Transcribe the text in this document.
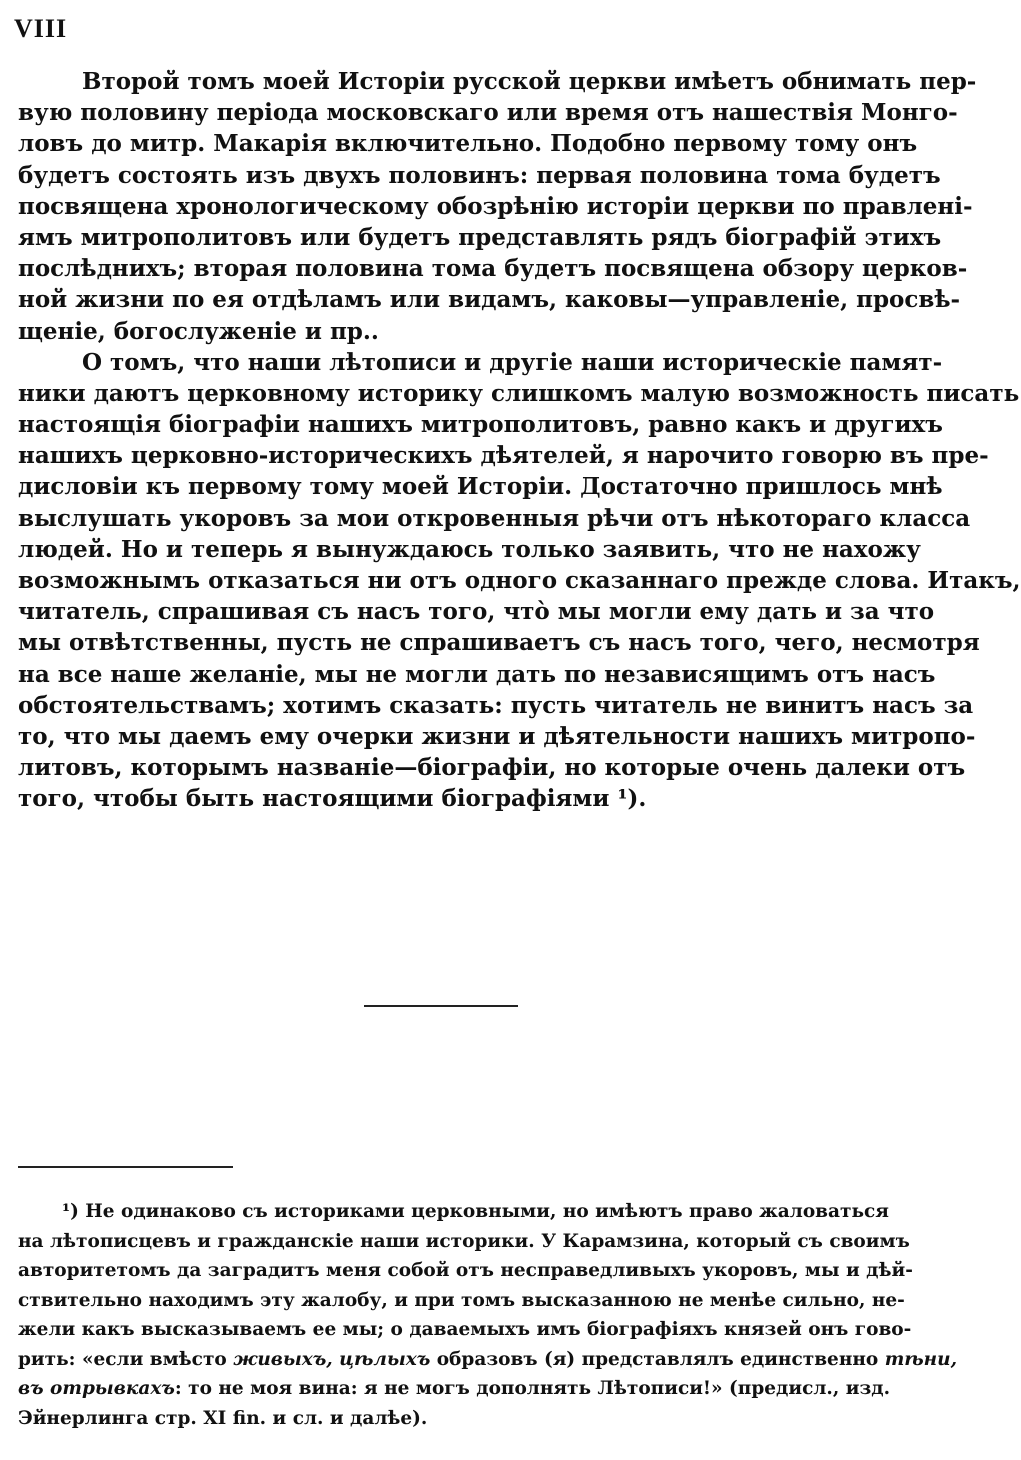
VIII
Второй томъ моей Исторіи русской церкви имѣетъ обнимать пер-
вую половину періода московскаго или время отъ нашествія Монго-
ловъ до митр. Макарія включительно. Подобно первому тому онъ
будетъ состоять изъ двухъ половинъ: первая половина тома будетъ
посвящена хронологическому обозрѣнію исторіи церкви по правленi-
ямъ митрополитовъ или будетъ представлять рядъ біографій этихъ
послѣднихъ; вторая половина тома будетъ посвящена обзору церков-
ной жизни по ея отдѣламъ или видамъ, каковы—управленіе, просвѣ-
щеніе, богослуженіе и пр..
О томъ, что наши лѣтописи и другіе наши историческіе памят-
ники даютъ церковному историку слишкомъ малую возможность писать
настоящія біографіи нашихъ митрополитовъ, равно какъ и другихъ
нашихъ церковно-историческихъ дѣятелей, я нарочито говорю въ пре-
дисловіи къ первому тому моей Исторіи. Достаточно пришлось мнѣ
выслушать укоровъ за мои откровенныя рѣчи отъ нѣкотораго класса
людей. Но и теперь я вынуждаюсь только заявить, что не нахожу
возможнымъ отказаться ни отъ одного сказаннаго прежде слова. Итакъ,
читатель, спрашивая съ насъ того, что̀ мы могли ему дать и за что
мы отвѣтственны, пусть не спрашиваетъ съ насъ того, чего, несмотря
на все наше желаніе, мы не могли дать по независящимъ отъ насъ
обстоятельствамъ; хотимъ сказать: пусть читатель не винитъ насъ за
то, что мы даемъ ему очерки жизни и дѣятельности нашихъ митропо-
литовъ, которымъ названіе—біографіи, но которые очень далеки отъ
того, чтобы быть настоящими біографіями ¹).
¹) Не одинаково съ историками церковными, но имѣютъ право жаловаться
на лѣтописцевъ и гражданскіе наши историки. У Карамзина, который съ своимъ
авторитетомъ да заградитъ меня собой отъ несправедливыхъ укоровъ, мы и дѣй-
ствительно находимъ эту жалобу, и при томъ высказанною не менѣе сильно, не-
жели какъ высказываемъ ее мы; о даваемыхъ имъ біографіяхъ князей онъ гово-
рить: «если вмѣсто живыхъ, цѣлыхъ образовъ (я) представлялъ единственно тѣни,
въ отрывкахъ: то не моя вина: я не могъ дополнять Лѣтописи!» (предисл., изд.
Эйнерлинга стр. XI fin. и сл. и далѣе).
